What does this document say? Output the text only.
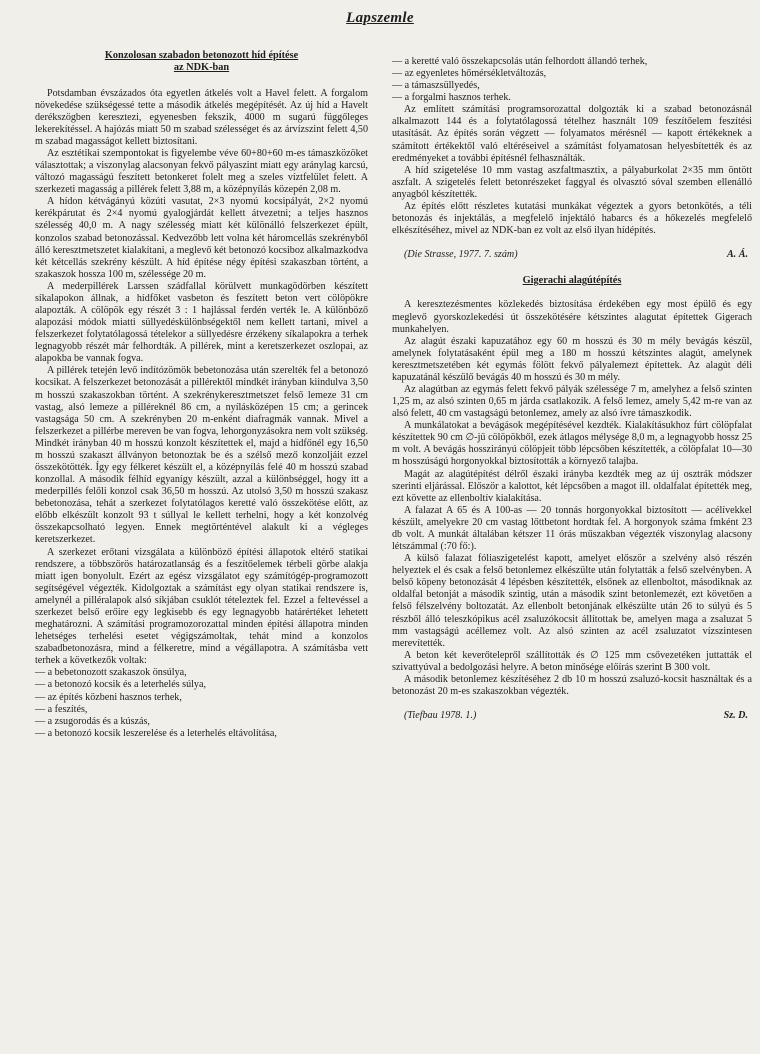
Lapszemle
Konzolosan szabadon betonozott híd építése
az NDK-ban

Potsdamban évszázados óta egyetlen átkelés volt a Havel felett. A forgalom növekedése szükségessé tette a második átkelés megépítését. Az új híd a Havelt derékszögben keresztezi, egyenesben fekszik, 4000 m sugarú függőleges lekerekítéssel. A hajózás miatt 50 m szabad szélességet és az árvízszint felett 4,50 m szabad magasságot kellett biztosítani.

Az esztétikai szempontokat is figyelembe véve 60+80+60 m-es támaszközöket választottak; a viszonylag alacsonyan fekvő pályaszint miatt egy aránylag karcsú, változó magasságú feszített betonkeret folelt meg a szeles víztfelület felett. A szerkezeti magasság a pillérek felett 3,88 m, a középnyílás közepén 2,08 m.

A hídon kétvágányú közúti vasutat, 2×3 nyomú kocsipályát, 2×2 nyomú kerékpárutat és 2×4 nyomú gyalogjárdát kellett átvezetni; a teljes hasznos szélesség 40,0 m. A nagy szélesség miatt két különálló felszerkezet épült, konzolos szabad betonozással. Kedvezőbb lett volna két háromcellás szekrényből álló keresztmetszetet kialakítani, a meglevő két betonozó kocsiboz alkalmazkodva két kétcellás szekrény készült. A híd építése négy építési szakaszban történt, a szakaszok hossza 100 m, szélessége 20 m.

A mederpillérek Larssen szádfallal körülvett munkagödörben készített síkalapokon állnak, a hídfőket vasbeton és feszített beton vert cölöpökre alapozták. A cölöpök egy részét 3 : 1 hajlással ferdén verték le. A különböző alapozási módok miatti süllyedéskülönbségektől nem kellett tartani, mivel a felszerkezet folytatólagossá tételekor a süllyedésre érzékeny síkalapokra a terhek legnagyobb részét már felhordták. A pillérek, mint a keretszerkezet oszlopai, az alapokba be vannak fogva.

A pillérek tetején levő indítózömök bebetonozása után szerelték fel a betonozó kocsikat. A felszerkezet betonozását a pillérektől mindkét irányban kiindulva 3,50 m hosszú szakaszokban történt. A szekrénykeresztmetszet felső lemeze 31 cm vastag, alsó lemeze a pilléreknél 86 cm, a nyílásközépen 15 cm; a gerincek vastagsága 50 cm. A szekrényben 20 m-enként diafragmák vannak. Mivel a felszerkezet a pillérbe mereven be van fogva, lehorgonyzásokra nem volt szükség. Mindkét irányban 40 m hosszú konzolt készítettek el, majd a hídfőnél egy 16,50 m hosszú szakaszt állványon betonoztak be és a szélső mező konzoljáit ezzel összekötötték. Így egy félkeret készült el, a középnyílás felé 40 m hosszú szabad konzollal. A második félhíd egyanígy készült, azzal a különbséggel, hogy itt a mederpillés felőli konzol csak 36,50 m hosszú. Az utolsó 3,50 m hosszú szakasz bebetonozása, tehát a szerkezet folytatólagos keretté való összekötése előtt, az előbb elkészült konzolt 93 t súllyal le kellett terhelni, hogy a két konzolvég összekapcsolható legyen. Ennek megtörténtével alakult ki a végleges keretszerkezet.

A szerkezet erőtani vizsgálata a különböző építési állapotok eltérő statikai rendszere, a többszörös határozatlanság és a feszítőelemek térbeli görbe alakja miatt igen bonyolult. Ezért az egész vizsgálatot egy számítógép-programozott segítségével végezték. Kidolgoztak a számítást egy olyan statikai rendszere is, amelynél a pilléralapok alsó síkjában csuklót tételeztek fel. Ezzel a feltevéssel a szerkezet belső erőire egy legkisebb és egy legnagyobb határértéket lehetett meghatározni. A számítási programozorozattal minden építési állapotra minden lehetséges terhelési esetet végigszámoltak, tehát mind a konzolos szabadbetonozásra, mind a félkeretre, mind a végállapotra. A számításba vett terhek a következők voltak:

— a bebetonozott szakaszok önsúlya,
— a betonozó kocsik és a leterhelés súlya,
— az építés közbeni hasznos terhek,
— a feszítés,
— a zsugorodás és a kúszás,
— a betonozó kocsik leszerelése és a leterhelés eltávolítása,
— a keretté való összekapcsolás után felhordott állandó terhek,
— az egyenletes hőmérsékletváltozás,
— a támaszsüllyedés,
— a forgalmi hasznos terhek.

Az említett számítási programsorozattal dolgozták ki a szabad betonozásnál alkalmazott 144 és a folytatólagossá tételhez használt 109 feszítőelem feszítési utasítását. Az építés során végzett — folyamatos mérésnél — kapott értékeknek a számított értékektől való eltéréseivel a számítást folyamatosan helyesbítették és az eredményeket a további építésnél felhasználták.

A híd szigetelése 10 mm vastag aszfaltmasztix, a pályaburkolat 2×35 mm öntött aszfalt. A szigetelés felett betonrészeket faggyal és olvasztó sóval szemben ellenálló anyagból készítették.

Az építés előtt részletes kutatási munkákat végeztek a gyors betonkötés, a téli betonozás és injektálás, a megfelelő injektáló habarcs és a hőkezelés megfelelő elkészítéséhez, mivel az NDK-ban ez volt az első ilyan hídépítés.

(Die Strasse, 1977. 7. szám)	A. Á.
Gigerachi alagútépítés

A keresztezésmentes közlekedés biztosítása érdekében egy most épülő és egy meglevő gyorskozlekedési út összekötésére kétszintes alagutat építettek Gigerach munkahelyen.

Az alagút északi kapuzatához egy 60 m hosszú és 30 m mély bevágás készül, amelynek folytatásaként épül meg a 180 m hosszú kétszintes alagút, amelynek keresztmetszetében két egymás fölött fekvő pályalemezt építettek. Az alagút déli kapuzatánál készülő bevágás 40 m hosszú és 30 m mély.

Az alagútban az egymás felett fekvő pályák szélessége 7 m, amelyhez a felső szinten 1,25 m, az alsó szinten 0,65 m járda csatlakozik. A felső lemez, amely 5,42 m-re van az alsó felett, 40 cm vastagságú betonlemez, amely az alsó ívre támaszkodik.

A munkálatokat a bevágások megépítésével kezdték. Kialakításukhoz fúrt cölöpfalat készítettek 90 cm ∅-jű cölöpökből, ezek átlagos mélysége 8,0 m, a legnagyobb hossz 25 m volt. A bevágás hosszirányú cölöpjeit több lépcsőben készítették, a cölöpfalat 10—30 m hosszúságú horgonyokkal biztosították a környező talajba.

Magát az alagútépítést délről északi irányba kezdték meg az új osztrák módszer szerinti eljárással. Először a kalottot, két lépcsőben a magot ill. oldalfalat építették meg, ezt követte az ellenboltív kialakítása.

A falazat A 65 és A 100-as — 20 tonnás horgonyokkal biztosított — acélívekkel készült, amelyekre 20 cm vastag lőttbetont hordtak fel. A horgonyok száma fmként 23 db volt. A munkát általában kétszer 11 órás műszakban végezték viszonylag alacsony létszámmal (:70 fő:).

A külső falazat fóliaszigetelést kapott, amelyet először a szelvény alsó részén helyeztek el és csak a felső betonlemez elkészülte után folytatták a felső szelvényben. A belső köpeny betonozását 4 lépésben készítették, elsőnek az ellenboltot, másodiknak az oldalfal betonját a második szintig, után a második szint betonlemezét, ezt követően a felső félszelvény boltozatát. Az ellenbolt betonjának elkészülte után 26 to súlyú és 5 részből álló teleszkópikus acél zsaluzókocsit állítottak be, amelyen maga a zsaluzat 5 mm vastagságú acéllemez volt. Az alsó szinten az acél zsaluzatot vízszintesen merevítették.

A beton két keverőtelepről szállították és ∅ 125 mm csővezetéken juttatták el szivattyúval a bedolgozási helyre. A beton minősége előírás szerint B 300 volt.

A második betonlemez készítéséhez 2 db 10 m hosszú zsaluzó-kocsit használtak és a betonozást 20 m-es szakaszokban végezték.

(Tiefbau 1978. 1.)	Sz. D.
